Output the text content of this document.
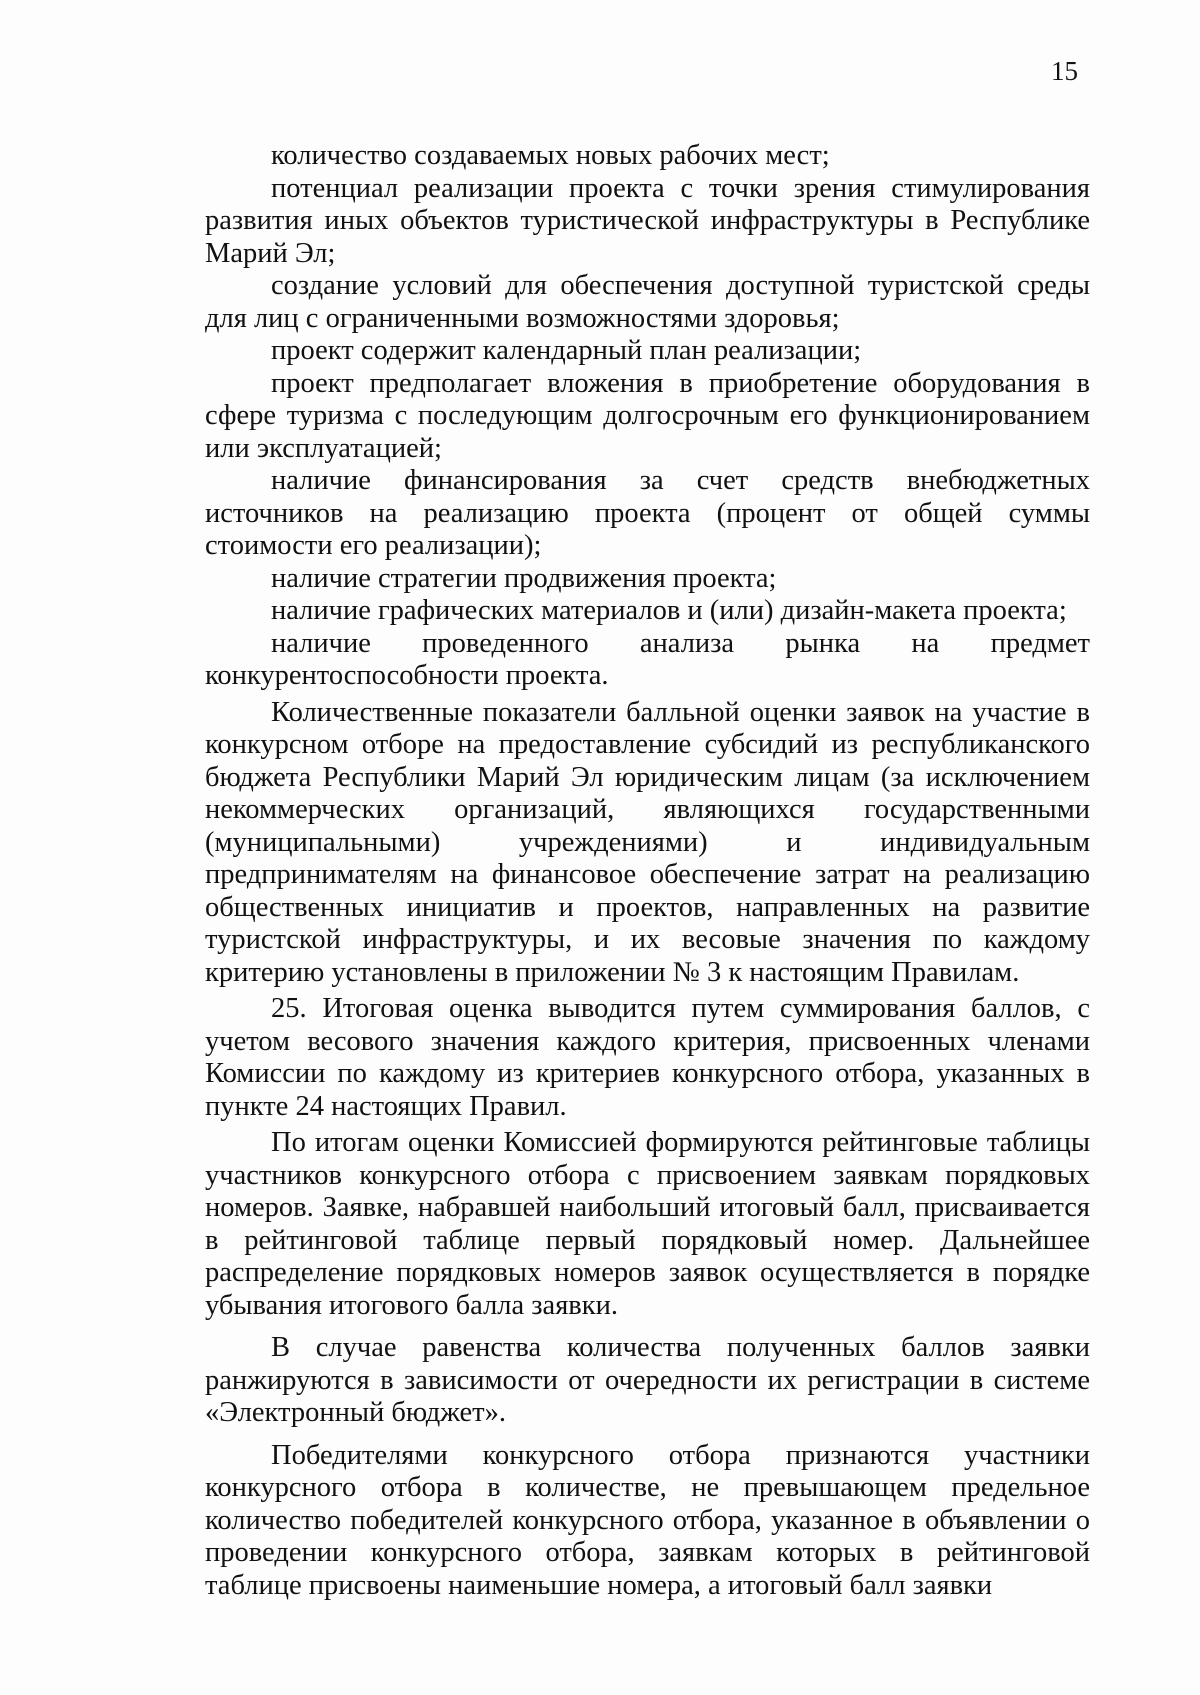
15

количество создаваемых новых рабочих мест;

потенциал реализации проекта с точки зрения стимулирования развития иных объектов туристической инфраструктуры в Республике Марий Эл;

создание условий для обеспечения доступной туристской среды для лиц с ограниченными возможностями здоровья;

проект содержит календарный план реализации;

проект предполагает вложения в приобретение оборудования в сфере туризма с последующим долгосрочным его функционированием или эксплуатацией;

наличие финансирования за счет средств внебюджетных источников на реализацию проекта (процент от общей суммы стоимости его реализации);

наличие стратегии продвижения проекта;

наличие графических материалов и (или) дизайн-макета проекта;

наличие проведенного анализа рынка на предмет конкурентоспособности проекта.

Количественные показатели балльной оценки заявок на участие в конкурсном отборе на предоставление субсидий из республиканского бюджета Республики Марий Эл юридическим лицам (за исключением некоммерческих организаций, являющихся государственными (муниципальными) учреждениями) и индивидуальным предпринимателям на финансовое обеспечение затрат на реализацию общественных инициатив и проектов, направленных на развитие туристской инфраструктуры, и их весовые значения по каждому критерию установлены в приложении № 3 к настоящим Правилам.

25. Итоговая оценка выводится путем суммирования баллов, с учетом весового значения каждого критерия, присвоенных членами Комиссии по каждому из критериев конкурсного отбора, указанных в пункте 24 настоящих Правил.

По итогам оценки Комиссией формируются рейтинговые таблицы участников конкурсного отбора с присвоением заявкам порядковых номеров. Заявке, набравшей наибольший итоговый балл, присваивается в рейтинговой таблице первый порядковый номер. Дальнейшее распределение порядковых номеров заявок осуществляется в порядке убывания итогового балла заявки.

В случае равенства количества полученных баллов заявки ранжируются в зависимости от очередности их регистрации в системе «Электронный бюджет».

Победителями конкурсного отбора признаются участники конкурсного отбора в количестве, не превышающем предельное количество победителей конкурсного отбора, указанное в объявлении о проведении конкурсного отбора, заявкам которых в рейтинговой таблице присвоены наименьшие номера, а итоговый балл заявки
